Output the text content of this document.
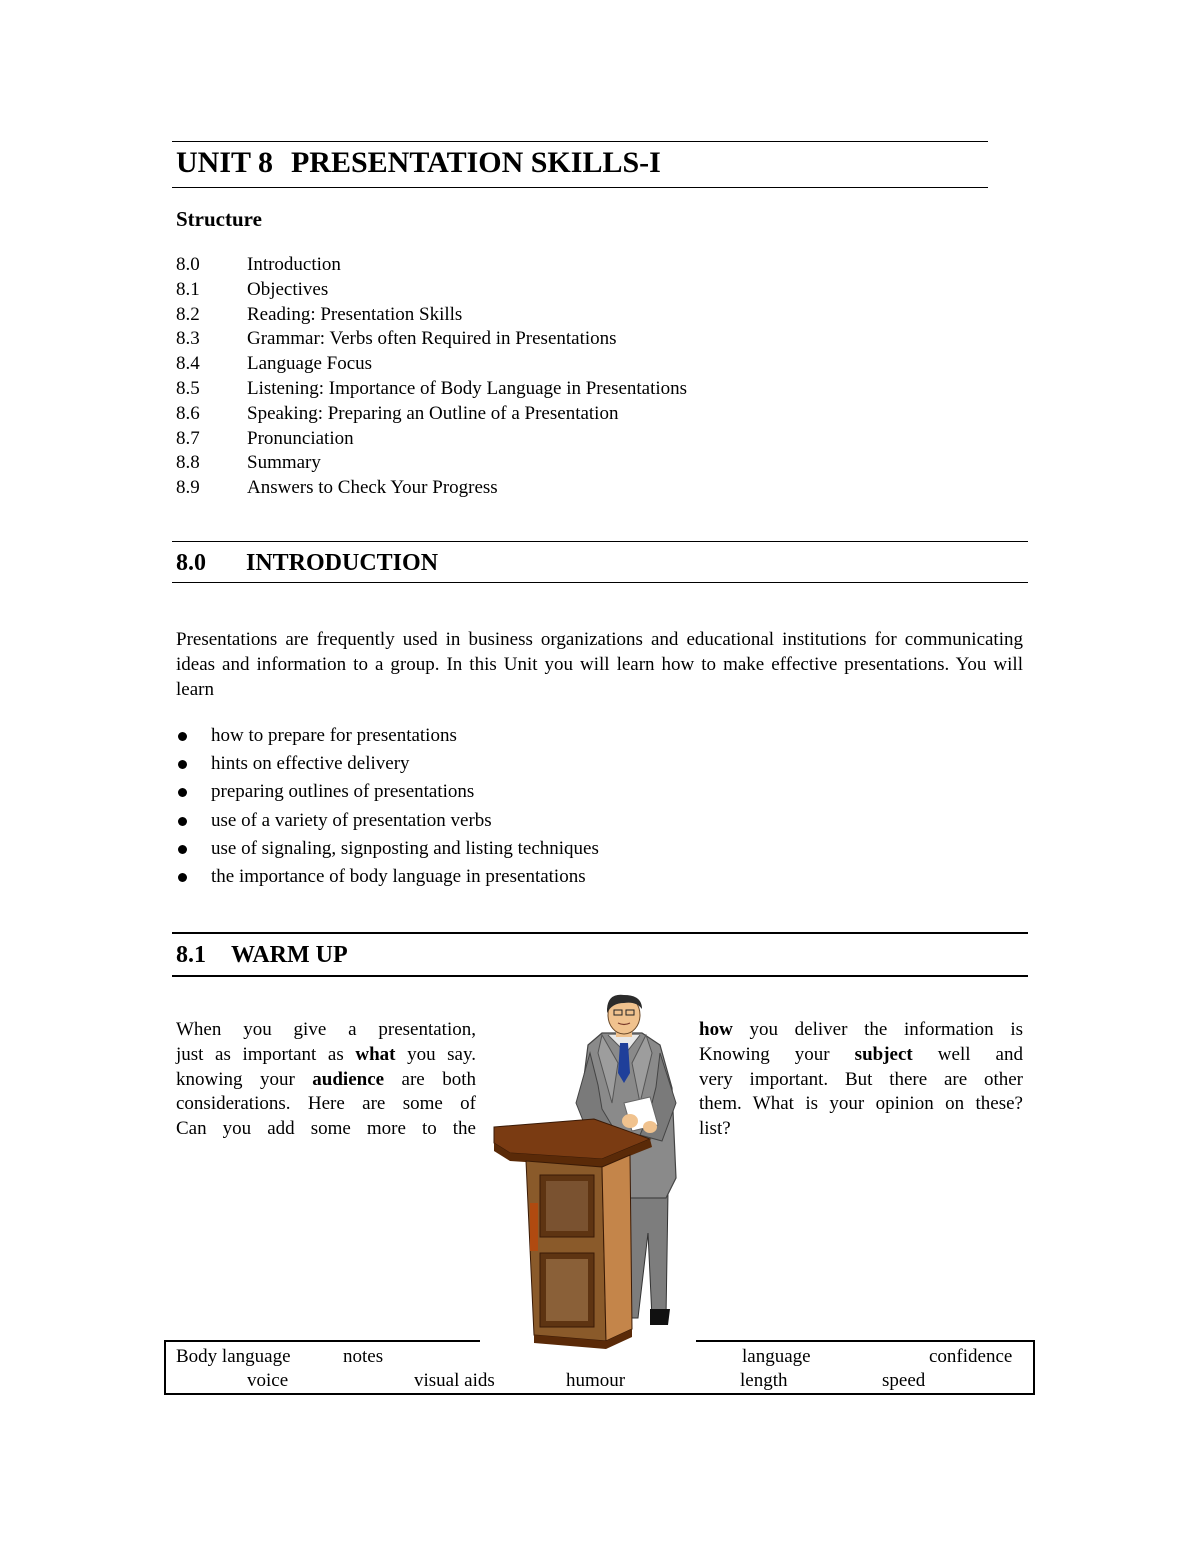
UNIT 8 PRESENTATION SKILLS-I
Structure
8.0 Introduction
8.1 Objectives
8.2 Reading: Presentation Skills
8.3 Grammar: Verbs often Required in Presentations
8.4 Language Focus
8.5 Listening: Importance of Body Language in Presentations
8.6 Speaking: Preparing an Outline of a Presentation
8.7 Pronunciation
8.8 Summary
8.9 Answers to Check Your Progress
8.0 INTRODUCTION

Presentations are frequently used in business organizations and educational institutions for communicating ideas and information to a group. In this Unit you will learn how to make effective presentations. You will learn

how to prepare for presentations
hints on effective delivery
preparing outlines of presentations
use of a variety of presentation verbs
use of signaling, signposting and listing techniques
the importance of body language in presentations
8.1 WARM UP
When you give a presentation,
just as important as what you say.
knowing your audience are both
considerations. Here are some of
Can you add some more to the
how you deliver the information is
Knowing your subject well and
very important. But there are other
them. What is your opinion on these?
list?
Body language	notes	language	confidence
voice	visual aids	humour	length	speed
